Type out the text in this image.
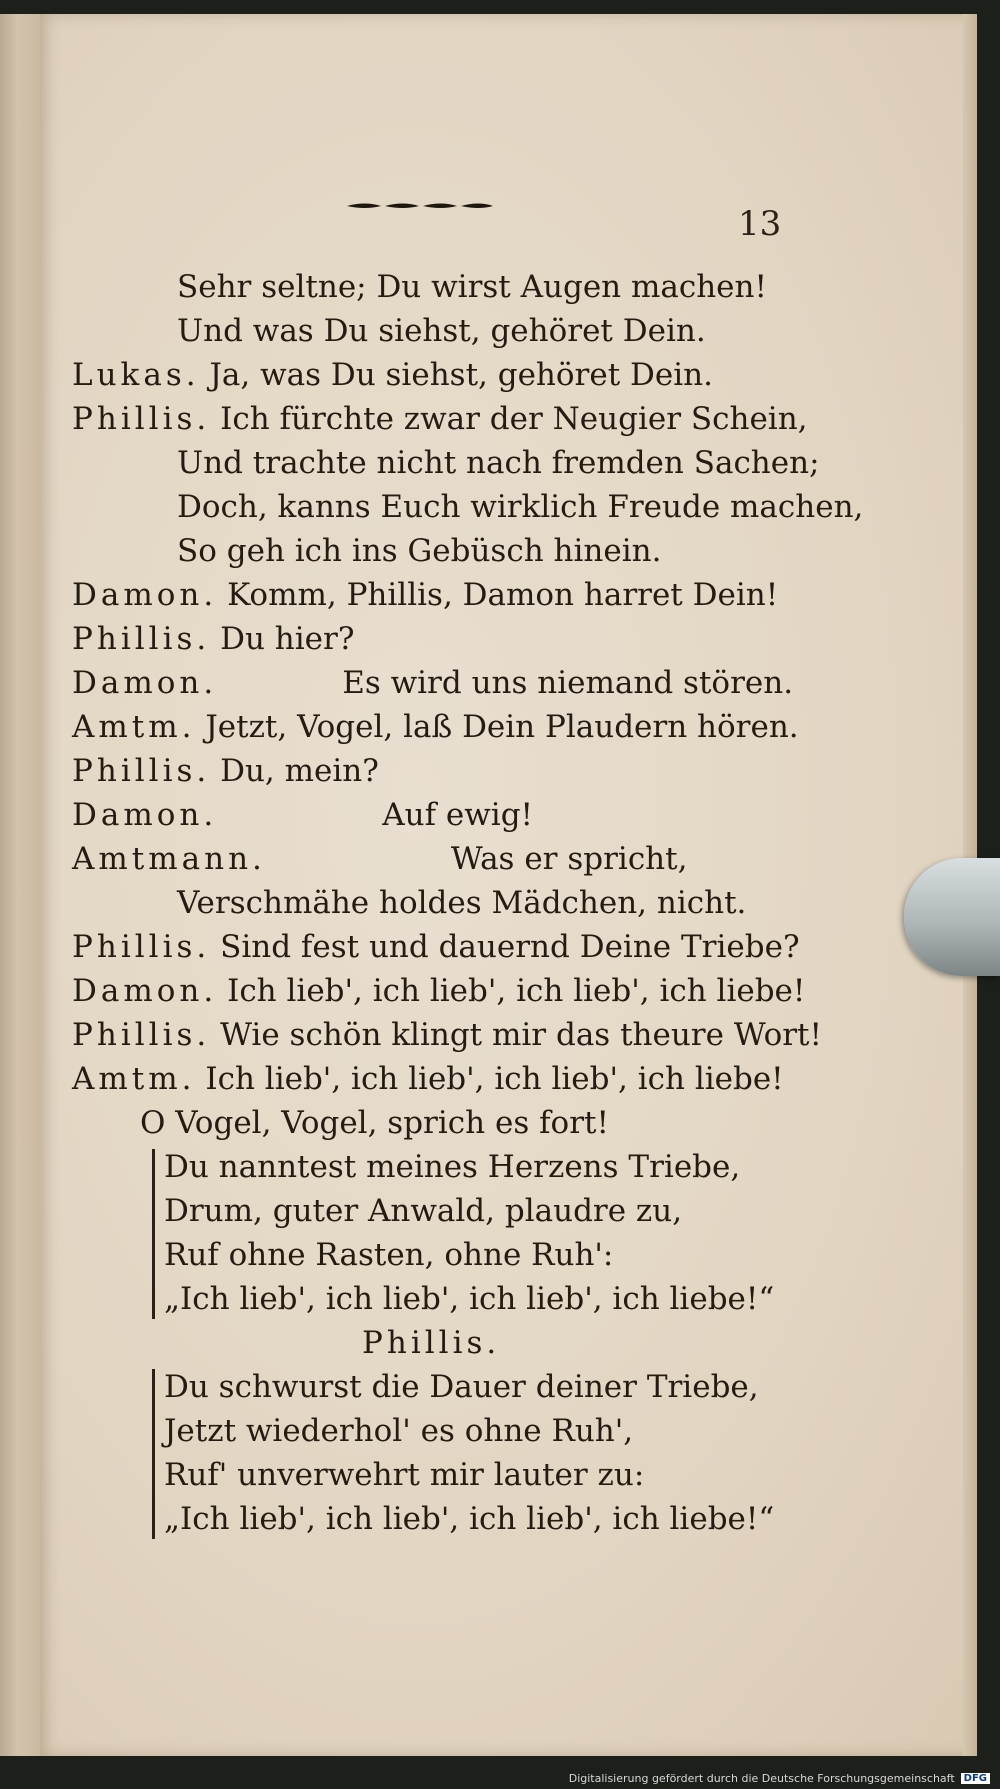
13
Sehr seltne; Du wirst Augen machen!
Und was Du siehst, gehöret Dein.
Lukas. Ja, was Du siehst, gehöret Dein.
Phillis. Ich fürchte zwar der Neugier Schein,
Und trachte nicht nach fremden Sachen;
Doch, kanns Euch wirklich Freude machen,
So geh ich ins Gebüsch hinein.
Damon. Komm, Phillis, Damon harret Dein!
Phillis. Du hier?
Damon.	Es wird uns niemand stören.
Amtm. Jetzt, Vogel, laß Dein Plaudern hören.
Phillis. Du, mein?
Damon.	Auf ewig!
Amtmann.	Was er spricht,
Verschmähe holdes Mädchen, nicht.
Phillis. Sind fest und dauernd Deine Triebe?
Damon. Ich lieb', ich lieb', ich lieb', ich liebe!
Phillis. Wie schön klingt mir das theure Wort!
Amtm. Ich lieb', ich lieb', ich lieb', ich liebe!
O Vogel, Vogel, sprich es fort!
Du nanntest meines Herzens Triebe,
Drum, guter Anwald, plaudre zu,
Ruf ohne Rasten, ohne Ruh':
„Ich lieb', ich lieb', ich lieb', ich liebe!“
Phillis.
Du schwurst die Dauer deiner Triebe,
Jetzt wiederhol' es ohne Ruh',
Ruf' unverwehrt mir lauter zu:
„Ich lieb', ich lieb', ich lieb', ich liebe!“
Digitalisierung gefördert durch die Deutsche Forschungsgemeinschaft DFG
